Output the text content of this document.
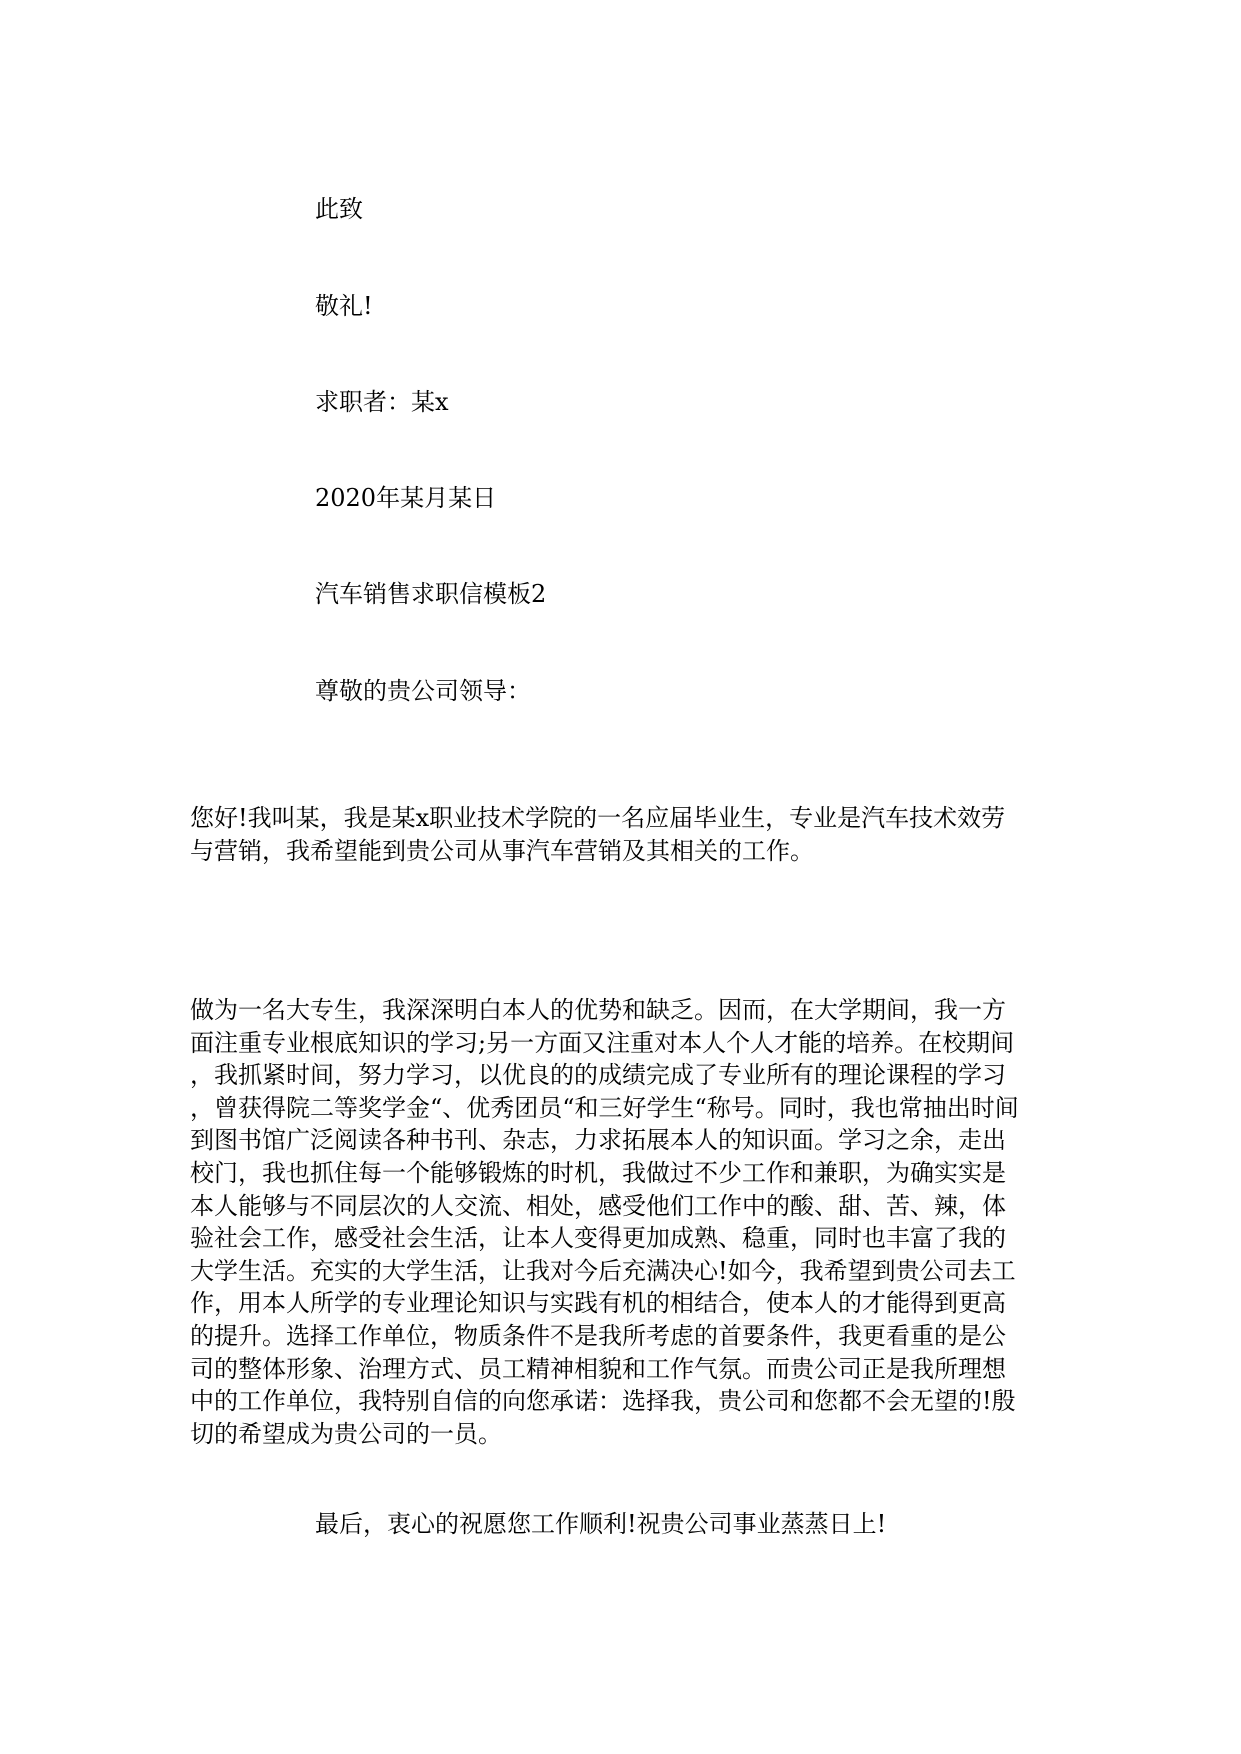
此致
敬礼!
求职者：某x
2020年某月某日
汽车销售求职信模板2
尊敬的贵公司领导：
您好!我叫某，我是某x职业技术学院的一名应届毕业生，专业是汽车技术效劳
与营销，我希望能到贵公司从事汽车营销及其相关的工作。
做为一名大专生，我深深明白本人的优势和缺乏。因而，在大学期间，我一方
面注重专业根底知识的学习;另一方面又注重对本人个人才能的培养。在校期间
，我抓紧时间，努力学习，以优良的的成绩完成了专业所有的理论课程的学习
，曾获得院二等奖学金“、优秀团员“和三好学生“称号。同时，我也常抽出时间
到图书馆广泛阅读各种书刊、杂志，力求拓展本人的知识面。学习之余，走出
校门，我也抓住每一个能够锻炼的时机，我做过不少工作和兼职，为确实实是
本人能够与不同层次的人交流、相处，感受他们工作中的酸、甜、苦、辣，体
验社会工作，感受社会生活，让本人变得更加成熟、稳重，同时也丰富了我的
大学生活。充实的大学生活，让我对今后充满决心!如今，我希望到贵公司去工
作，用本人所学的专业理论知识与实践有机的相结合，使本人的才能得到更高
的提升。选择工作单位，物质条件不是我所考虑的首要条件，我更看重的是公
司的整体形象、治理方式、员工精神相貌和工作气氛。而贵公司正是我所理想
中的工作单位，我特别自信的向您承诺：选择我，贵公司和您都不会无望的!殷
切的希望成为贵公司的一员。
最后，衷心的祝愿您工作顺利!祝贵公司事业蒸蒸日上!
